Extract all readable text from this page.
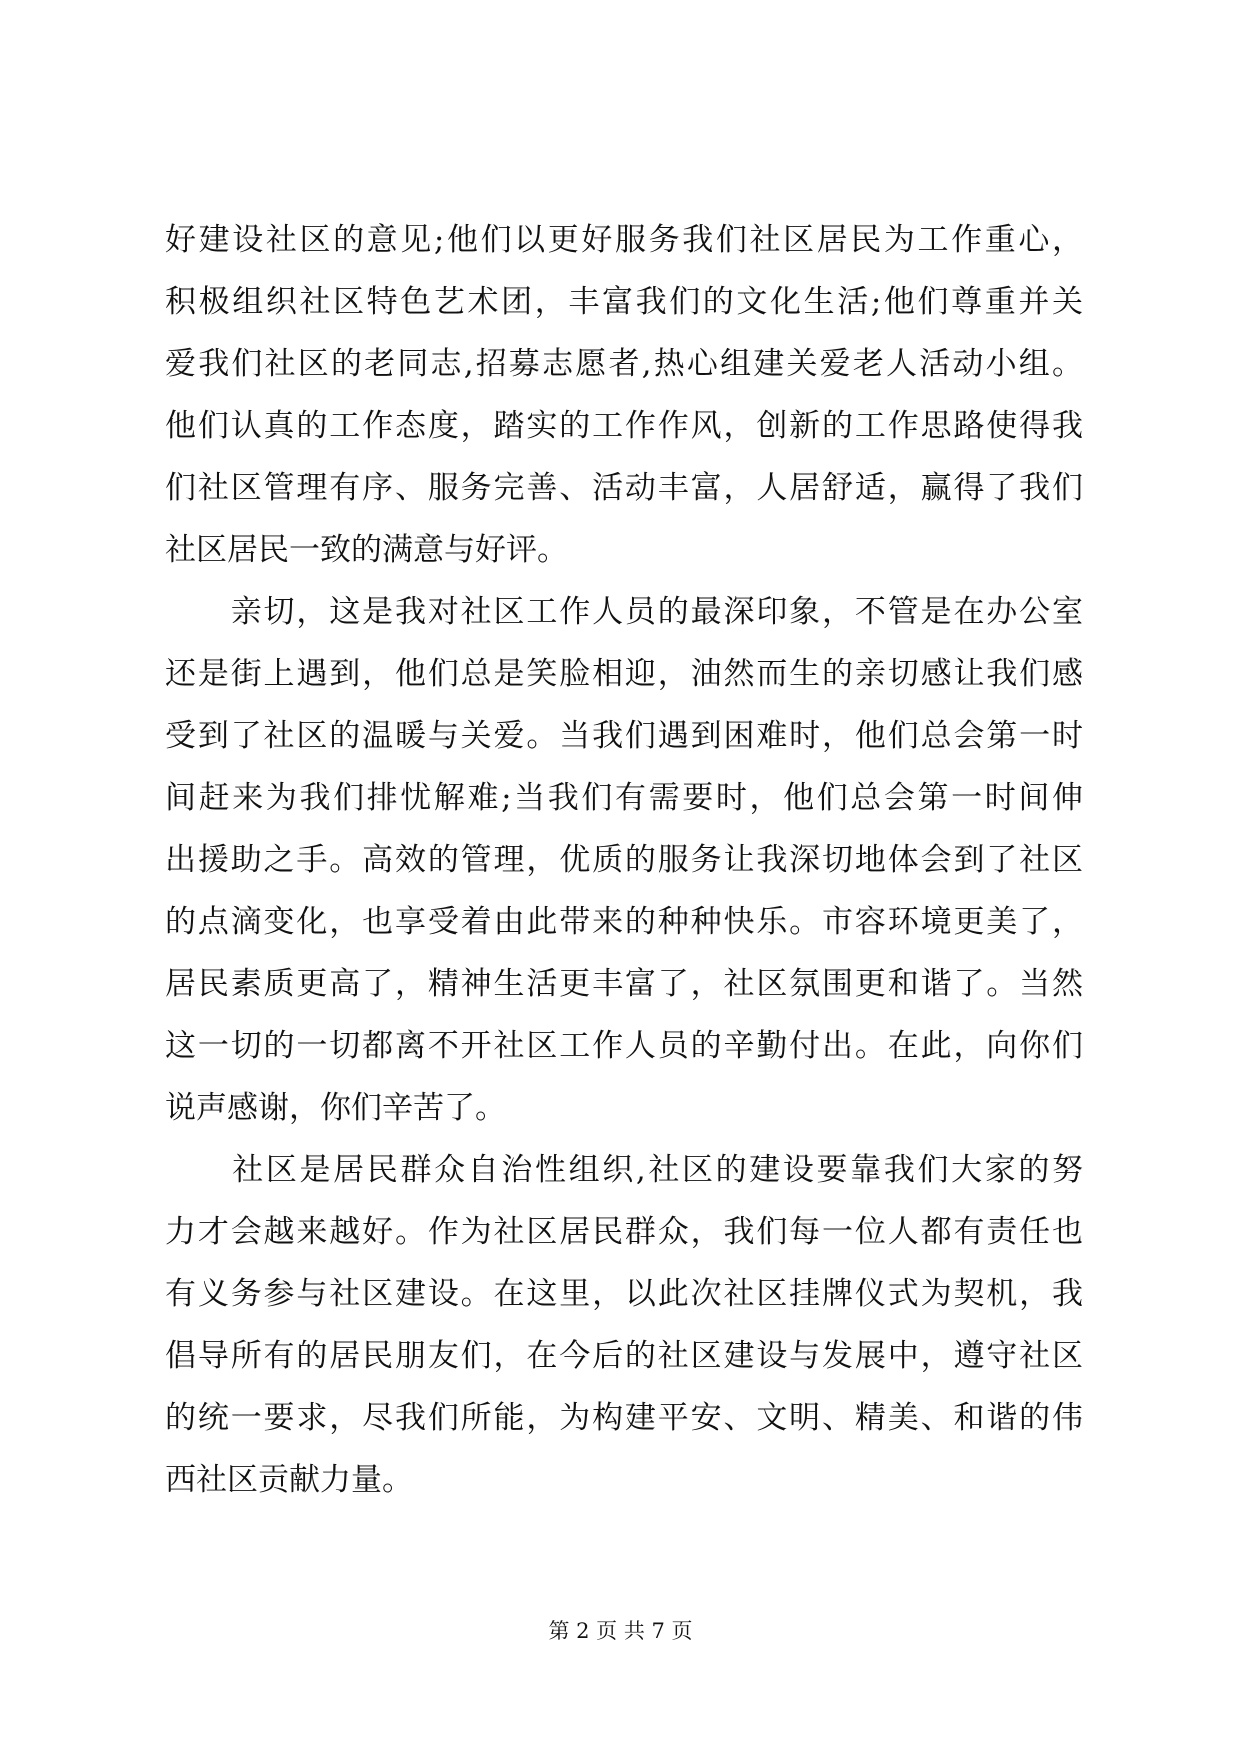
好建设社区的意见;他们以更好服务我们社区居民为工作重心，
积极组织社区特色艺术团，丰富我们的文化生活;他们尊重并关
爱我们社区的老同志,招募志愿者,热心组建关爱老人活动小组。
他们认真的工作态度，踏实的工作作风，创新的工作思路使得我
们社区管理有序、服务完善、活动丰富，人居舒适，赢得了我们
社区居民一致的满意与好评。
　　亲切，这是我对社区工作人员的最深印象，不管是在办公室
还是街上遇到，他们总是笑脸相迎，油然而生的亲切感让我们感
受到了社区的温暖与关爱。当我们遇到困难时，他们总会第一时
间赶来为我们排忧解难;当我们有需要时，他们总会第一时间伸
出援助之手。高效的管理，优质的服务让我深切地体会到了社区
的点滴变化，也享受着由此带来的种种快乐。市容环境更美了，
居民素质更高了，精神生活更丰富了，社区氛围更和谐了。当然
这一切的一切都离不开社区工作人员的辛勤付出。在此，向你们
说声感谢，你们辛苦了。
　　社区是居民群众自治性组织,社区的建设要靠我们大家的努
力才会越来越好。作为社区居民群众，我们每一位人都有责任也
有义务参与社区建设。在这里，以此次社区挂牌仪式为契机，我
倡导所有的居民朋友们，在今后的社区建设与发展中，遵守社区
的统一要求，尽我们所能，为构建平安、文明、精美、和谐的伟
西社区贡献力量。
第 2 页 共 7 页
